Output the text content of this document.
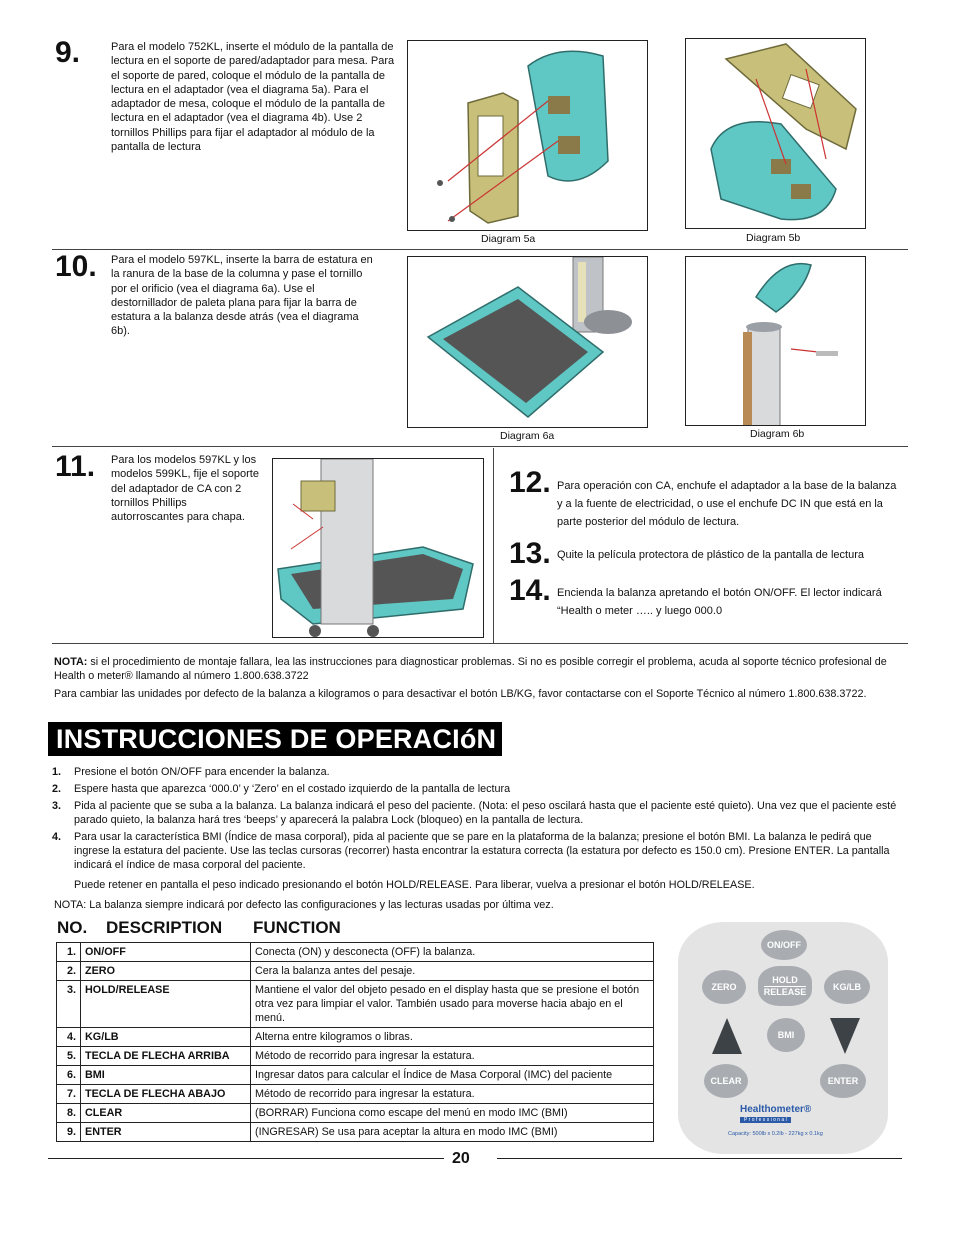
9.	Para el modelo 752KL, inserte el módulo de la pantalla de lectura en el soporte de pared/adaptador para mesa. Para el soporte de pared, coloque el módulo de la pantalla de lectura en el adaptador (vea el diagrama 5a). Para el adaptador de mesa, coloque el módulo de la pantalla de lectura en el adaptador (vea el diagrama 4b). Use 2 tornillos Phillips para fijar el adaptador al módulo de la pantalla de lectura
Diagram 5a	Diagram 5b
10. Para el modelo 597KL, inserte la barra de estatura en la ranura de la base de la columna y pase el tornillo por el orificio (vea el diagrama 6a). Use el destornillador de paleta plana para fijar la barra de estatura a la balanza desde atrás (vea el diagrama 6b).
Diagram 6a	Diagram 6b
11. Para los modelos 597KL y los modelos 599KL, fije el soporte del adaptador de CA con 2 tornillos Phillips autorroscantes para chapa.
12. Para operación con CA, enchufe el adaptador a la base de la balanza y a la fuente de electricidad, o use el enchufe DC IN que está en la parte posterior del módulo de lectura.
13. Quite la película protectora de plástico de la pantalla de lectura
14. Encienda la balanza apretando el botón ON/OFF. El lector indicará “Health o meter ….. y luego 000.0
NOTA: si el procedimiento de montaje fallara, lea las instrucciones para diagnosticar problemas. Si no es posible corregir el problema, acuda al soporte técnico profesional de Health o meter® llamando al número 1.800.638.3722
Para cambiar las unidades por defecto de la balanza a kilogramos o para desactivar el botón LB/KG, favor contactarse con el Soporte Técnico al número 1.800.638.3722.
INSTRUCCIONES DE OPERACIóN
1. Presione el botón ON/OFF para encender la balanza.
2. Espere hasta que aparezca ‘000.0’ y ‘Zero’ en el costado izquierdo de la pantalla de lectura
3. Pida al paciente que se suba a la balanza. La balanza indicará el peso del paciente. (Nota: el peso oscilará hasta que el paciente esté quieto). Una vez que el paciente esté parado quieto, la balanza hará tres ‘beeps’ y aparecerá la palabra Lock (bloqueo) en la pantalla de lectura.
4. Para usar la característica BMI (Índice de masa corporal), pida al paciente que se pare en la plataforma de la balanza; presione el botón BMI. La balanza le pedirá que ingrese la estatura del paciente. Use las teclas cursoras (recorrer) hasta encontrar la estatura correcta (la estatura por defecto es 150.0 cm). Presione ENTER. La pantalla indicará el índice de masa corporal del paciente.
Puede retener en pantalla el peso indicado presionando el botón HOLD/RELEASE. Para liberar, vuelva a presionar el botón HOLD/RELEASE.
NOTA: La balanza siempre indicará por defecto las configuraciones y las lecturas usadas por última vez.
NO. DESCRIPTION FUNCTION
1.	ON/OFF	Conecta (ON) y desconecta (OFF) la balanza.
2.	ZERO	Cera la balanza antes del pesaje.
3.	HOLD/RELEASE	Mantiene el valor del objeto pesado en el display hasta que se presione el botón otra vez para limpiar el valor. También usado para moverse hacia abajo en el menú.
4.	KG/LB	Alterna entre kilogramos o libras.
5.	TECLA DE FLECHA ARRIBA	Método de recorrido para ingresar la estatura.
6.	BMI	Ingresar datos para calcular el Índice de Masa Corporal (IMC) del paciente
7.	TECLA DE FLECHA ABAJO	Método de recorrido para ingresar la estatura.
8.	CLEAR	(BORRAR) Funciona como escape del menú en modo IMC (BMI)
9.	ENTER	(INGRESAR) Se usa para aceptar la altura en modo IMC (BMI)
ON/OFF
ZERO
HOLD
RELEASE	KG/LB
BMI
CLEAR	ENTER
Healthometer®
P r o f e s s i o n a l
Capacity: 500lb x 0.2lb - 227kg x 0.1kg
20
